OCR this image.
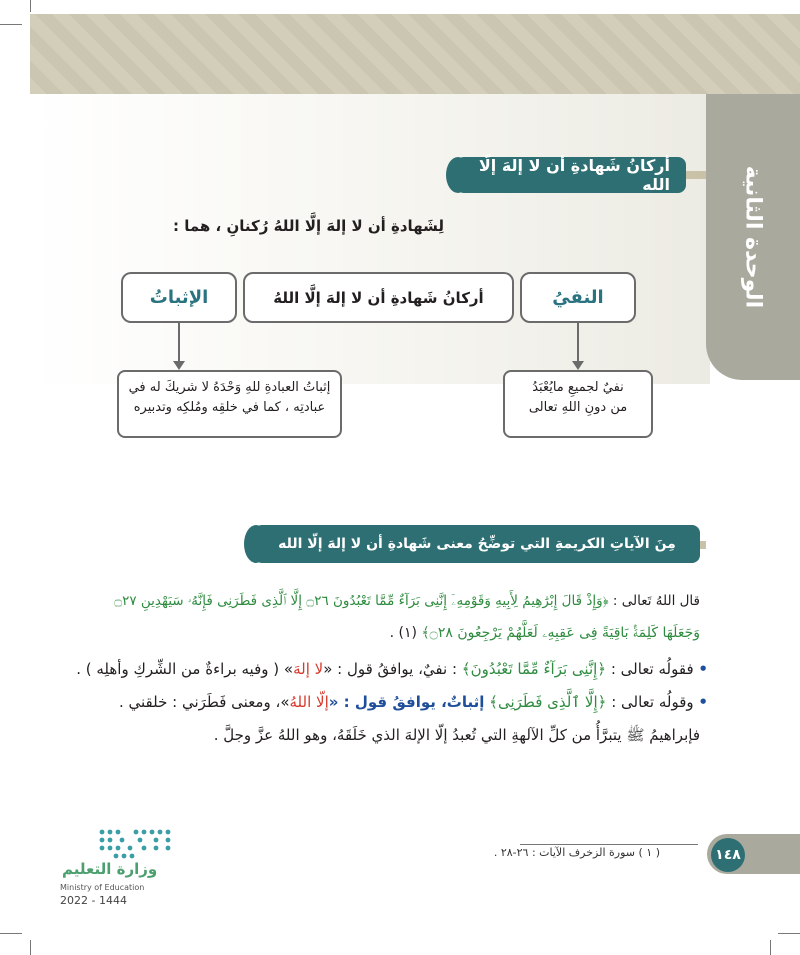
الوحدة الثانية
أركانُ شَهادةِ أن لا إلهَ إلّا الله
لِشَهادةِ أن لا إلهَ إلَّا اللهُ رُكنانِ ، هما :
أركانُ شَهادةِ أن لا إلهَ إلَّا اللهُ	النفيُ
الإثباتُ
نفيٌ لجميعِ مايُعْبَدُ
من دونِ اللهِ تعالى
إثباتُ العبادةِ للهِ وَحْدَهُ لا شريكَ له في
عبادتِه ، كما في خلقِه ومُلكِه وتدبيره
مِنَ الآياتِ الكريمةِ التي توضِّحُ معنى شَهادةِ أن لا إلهَ إلّا الله
قال اللهُ تَعالى : ﴿وَإِذْ قَالَ إِبْرَٰهِيمُ لِأَبِيهِ وَقَوْمِهِۦٓ إِنَّنِى بَرَآءٌ مِّمَّا تَعْبُدُونَ ۝٢٦ إِلَّا ٱلَّذِى فَطَرَنِى فَإِنَّهُۥ سَيَهْدِينِ ۝٢٧
وَجَعَلَهَا كَلِمَةًۢ بَاقِيَةً فِى عَقِبِهِۦ لَعَلَّهُمْ يَرْجِعُونَ ۝٢٨﴾ (١) .
• فقولُه تعالى : ﴿إِنَّنِى بَرَآءٌ مِّمَّا تَعْبُدُونَ﴾ : نفيٌ، يوافقُ قول : «لا إلهَ» ( وفيه براءةٌ من الشِّركِ وأهلِه ) .
• وقولُه تعالى : ﴿إِلَّا ٱلَّذِى فَطَرَنِى﴾ إثباتٌ، يوافقُ قول : «إلّا اللهُ»، ومعنى فَطَرَني : خلقني .
فإبراهيمُ ﷺ يتبرَّأُ من كلِّ الآلهةِ التي تُعبدُ إلّا الإلهَ الذي خَلَقَهُ، وهو اللهُ عزَّ وجلَّ .
( ١ ) سورة الزخرف الآيات : ٢٦-٢٨ .	١٤٨
وزارة التعليم
Ministry of Education
2022 - 1444
